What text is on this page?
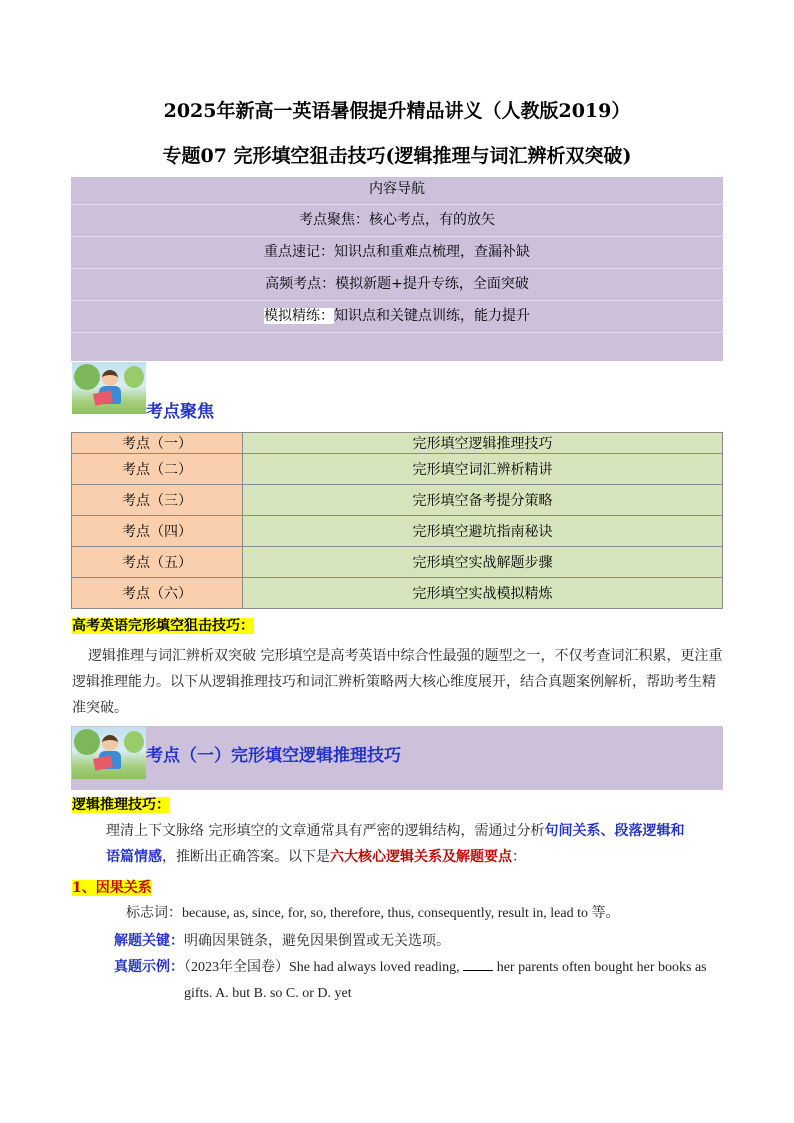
2025年新高一英语暑假提升精品讲义（人教版2019）
专题07 完形填空狙击技巧(逻辑推理与词汇辨析双突破)
内容导航
考点聚焦：核心考点，有的放矢
重点速记：知识点和重难点梳理，查漏补缺
高频考点：模拟新题+提升专练，全面突破
模拟精练：知识点和关键点训练，能力提升
考点聚焦
考点（一）	完形填空逻辑推理技巧
考点（二）	完形填空词汇辨析精讲
考点（三）	完形填空备考提分策略
考点（四）	完形填空避坑指南秘诀
考点（五）	完形填空实战解题步骤
考点（六）	完形填空实战模拟精炼
高考英语完形填空狙击技巧：
逻辑推理与词汇辨析双突破 完形填空是高考英语中综合性最强的题型之一，不仅考查词汇积累，更注重
逻辑推理能力。以下从逻辑推理技巧和词汇辨析策略两大核心维度展开，结合真题案例解析，帮助考生精
准突破。
考点（一）完形填空逻辑推理技巧
逻辑推理技巧：
理清上下文脉络 完形填空的文章通常具有严密的逻辑结构，需通过分析句间关系、段落逻辑和
语篇情感，推断出正确答案。以下是六大核心逻辑关系及解题要点：
1、因果关系
标志词：because, as, since, for, so, therefore, thus, consequently, result in, lead to 等。
解题关键：明确因果链条，避免因果倒置或无关选项。
真题示例：（2023年全国卷）She had always loved reading,  her parents often bought her books as
gifts. A. but B. so C. or D. yet
